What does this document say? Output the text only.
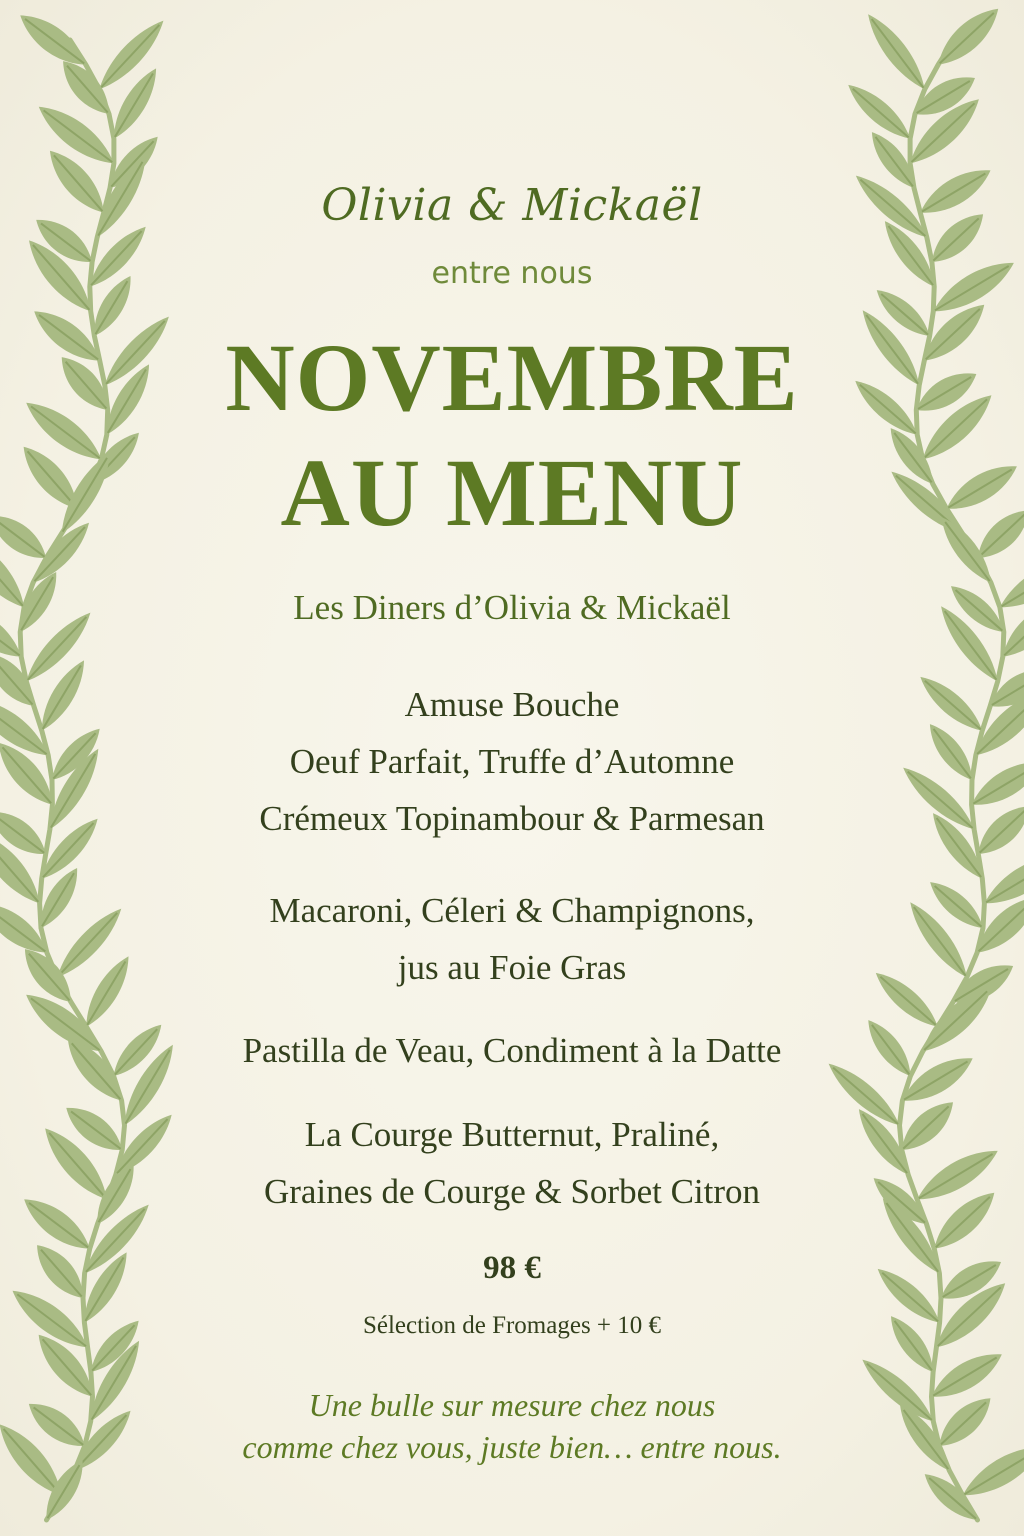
Olivia & Mickaël
entre nous
NOVEMBRE
AU MENU
Les Diners d’Olivia & Mickaël
Amuse Bouche
Oeuf Parfait, Truffe d’Automne
Crémeux Topinambour & Parmesan
Macaroni, Céleri & Champignons,
jus au Foie Gras
Pastilla de Veau, Condiment à la Datte
La Courge Butternut, Praliné,
Graines de Courge & Sorbet Citron
98 €
Sélection de Fromages + 10 €
Une bulle sur mesure chez nous
comme chez vous, juste bien… entre nous.
